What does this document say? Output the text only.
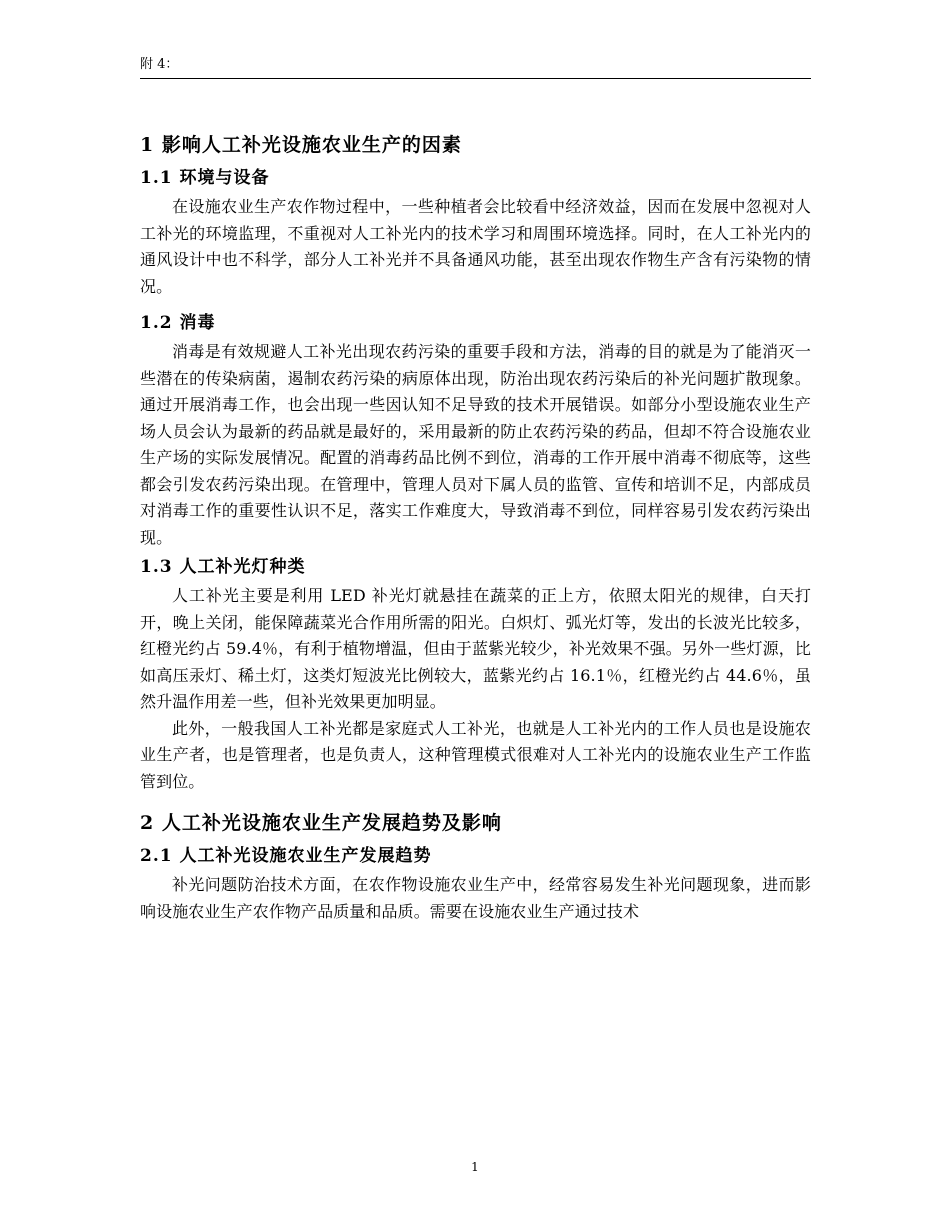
附 4：
1 影响人工补光设施农业生产的因素
1.1 环境与设备

在设施农业生产农作物过程中，一些种植者会比较看中经济效益，因而在发展中忽视对人工补光的环境监理，不重视对人工补光内的技术学习和周围环境选择。同时，在人工补光内的通风设计中也不科学，部分人工补光并不具备通风功能，甚至出现农作物生产含有污染物的情况。

1.2 消毒

消毒是有效规避人工补光出现农药污染的重要手段和方法，消毒的目的就是为了能消灭一些潜在的传染病菌，遏制农药污染的病原体出现，防治出现农药污染后的补光问题扩散现象。通过开展消毒工作，也会出现一些因认知不足导致的技术开展错误。如部分小型设施农业生产场人员会认为最新的药品就是最好的，采用最新的防止农药污染的药品，但却不符合设施农业生产场的实际发展情况。配置的消毒药品比例不到位，消毒的工作开展中消毒不彻底等，这些都会引发农药污染出现。在管理中，管理人员对下属人员的监管、宣传和培训不足，内部成员对消毒工作的重要性认识不足，落实工作难度大，导致消毒不到位，同样容易引发农药污染出现。

1.3 人工补光灯种类

人工补光主要是利用 LED 补光灯就悬挂在蔬菜的正上方，依照太阳光的规律，白天打开，晚上关闭，能保障蔬菜光合作用所需的阳光。白炽灯、弧光灯等，发出的长波光比较多，红橙光约占 59.4％，有利于植物增温，但由于蓝紫光较少，补光效果不强。另外一些灯源，比如高压汞灯、稀土灯，这类灯短波光比例较大，蓝紫光约占 16.1％，红橙光约占 44.6％，虽然升温作用差一些，但补光效果更加明显。

此外，一般我国人工补光都是家庭式人工补光，也就是人工补光内的工作人员也是设施农业生产者，也是管理者，也是负责人，这种管理模式很难对人工补光内的设施农业生产工作监管到位。

2 人工补光设施农业生产发展趋势及影响
2.1 人工补光设施农业生产发展趋势

补光问题防治技术方面，在农作物设施农业生产中，经常容易发生补光问题现象，进而影响设施农业生产农作物产品质量和品质。需要在设施农业生产通过技术

1
